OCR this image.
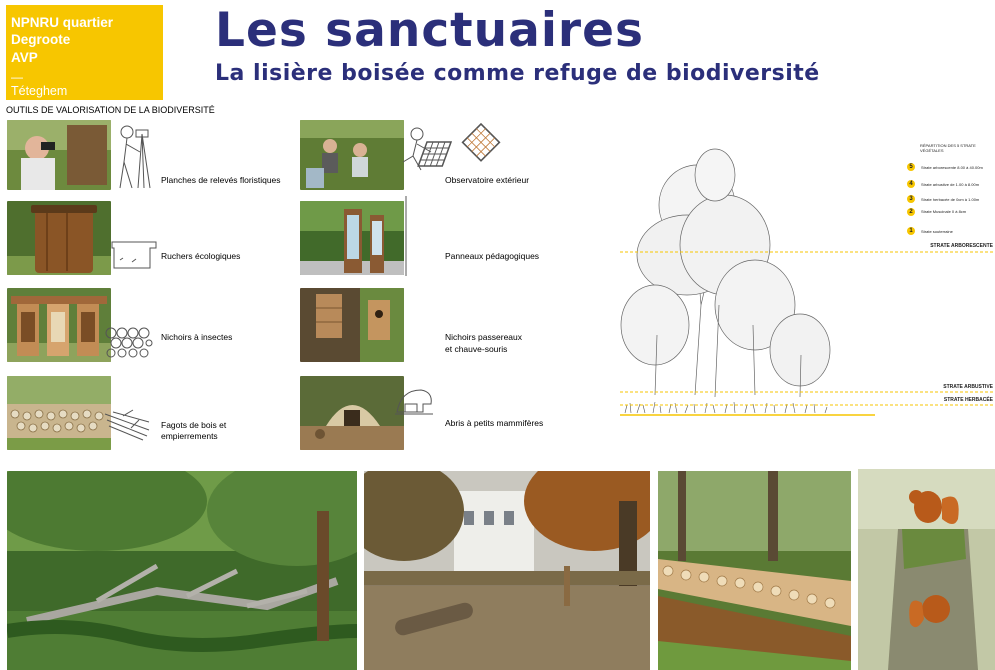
NPNRU quartier
Degroote
AVP
—
Téteghem
Les sanctuaires
La lisière boisée comme refuge de biodiversité
OUTILS DE VALORISATION DE LA BIODIVERSITÉ
Planches de relevés floristiques
Ruchers écologiques
Nichoirs à insectes
Fagots de bois et
empierrements
Observatoire extérieur
Panneaux pédagogiques
Nichoirs passereaux
et chauve-souris
Abris à petits mammifères
RÉPARTITION DES 5 STRATE VÉGÉTALES
5	Strate arborescente 8.00 à 40.00m
4	Strate arbustive de 1.00 à 8.00m
3	Strate herbacée de 0cm à 1.00m
2	Strate Muscinale 0 à 8cm
1	Strate souterraine
STRATE ARBORESCENTE
STRATE ARBUSTIVE
STRATE HERBACÉE
